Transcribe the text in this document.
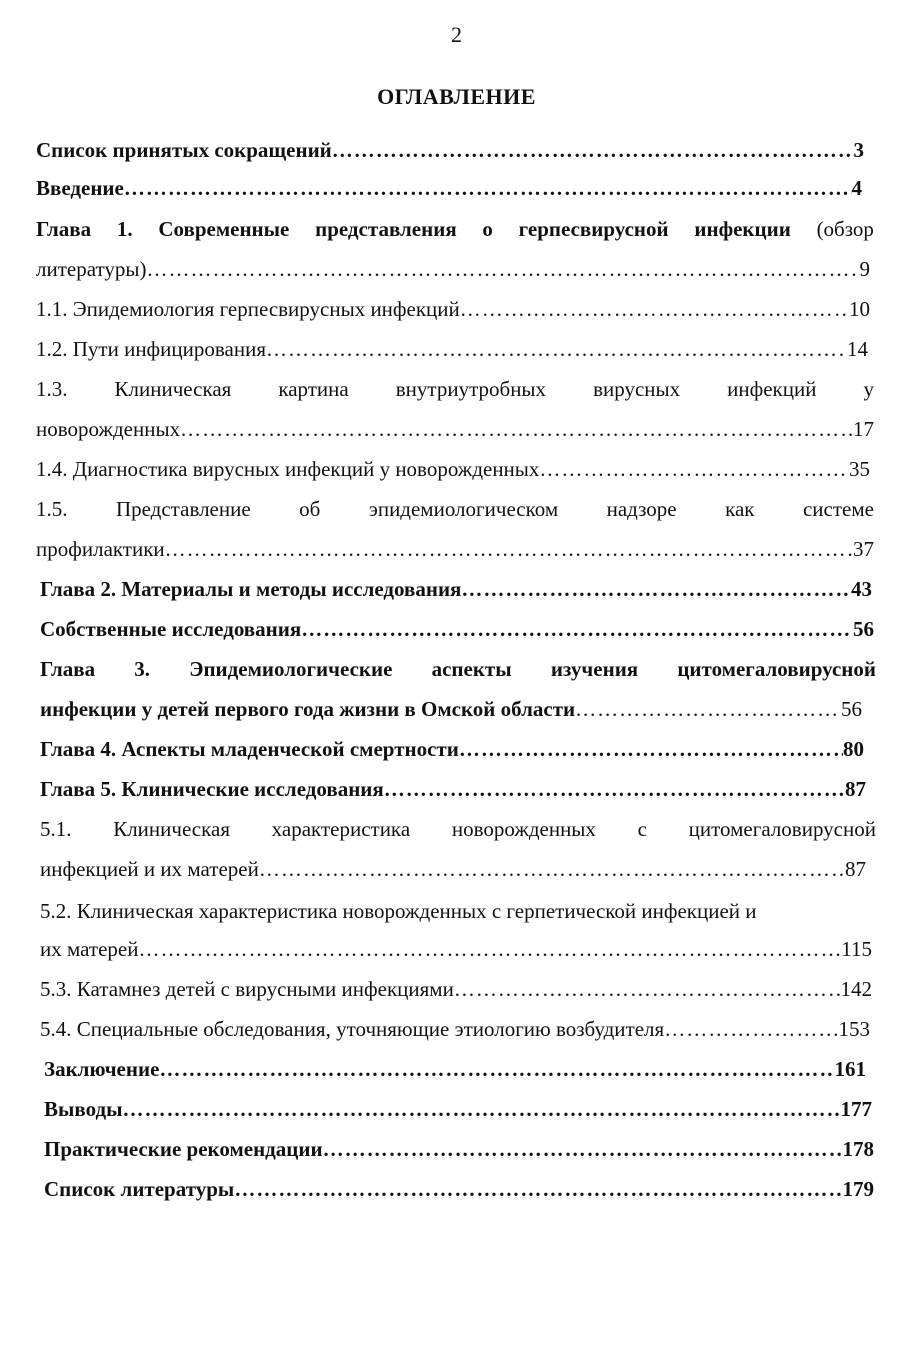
2
ОГЛАВЛЕНИЕ
Список принятых сокращений …………………………………………………………………………………………………………………………………………	3
Введение …………………………………………………………………………………………………………………………………………	4
Глава 1. Современные представления о герпесвирусной инфекции (обзор
литературы) …………………………………………………………………………………………………………………………………………	9
1.1. Эпидемиология герпесвирусных инфекций …………………………………………………………………………………………………………………………………………	10
1.2. Пути инфицирования …………………………………………………………………………………………………………………………………………	14
1.3. Клиническая картина внутриутробных вирусных инфекций у
новорожденных …………………………………………………………………………………………………………………………………………	17
1.4. Диагностика вирусных инфекций у новорожденных …………………………………………………………………………………………………………………………………………	35
1.5. Представление об эпидемиологическом надзоре как системе
профилактики …………………………………………………………………………………………………………………………………………	37
Глава 2. Материалы и методы исследования …………………………………………………………………………………………………………………………………………	43
Собственные исследования …………………………………………………………………………………………………………………………………………	56
Глава 3. Эпидемиологические аспекты изучения цитомегаловирусной
инфекции у детей первого года жизни в Омской области …………………………………………………………………………………………………………………………………………	56
Глава 4. Аспекты младенческой смертности …………………………………………………………………………………………………………………………………………	80
Глава 5. Клинические исследования …………………………………………………………………………………………………………………………………………	87
5.1. Клиническая характеристика новорожденных с цитомегаловирусной
инфекцией и их матерей …………………………………………………………………………………………………………………………………………	87
5.2. Клиническая характеристика новорожденных с герпетической инфекцией и
их матерей …………………………………………………………………………………………………………………………………………	115
5.3. Катамнез детей с вирусными инфекциями …………………………………………………………………………………………………………………………………………	142
5.4. Специальные обследования, уточняющие этиологию возбудителя …………………………………………………………………………………………………………………………………………	153
Заключение …………………………………………………………………………………………………………………………………………	161
Выводы …………………………………………………………………………………………………………………………………………	177
Практические рекомендации …………………………………………………………………………………………………………………………………………	178
Список литературы …………………………………………………………………………………………………………………………………………	179
